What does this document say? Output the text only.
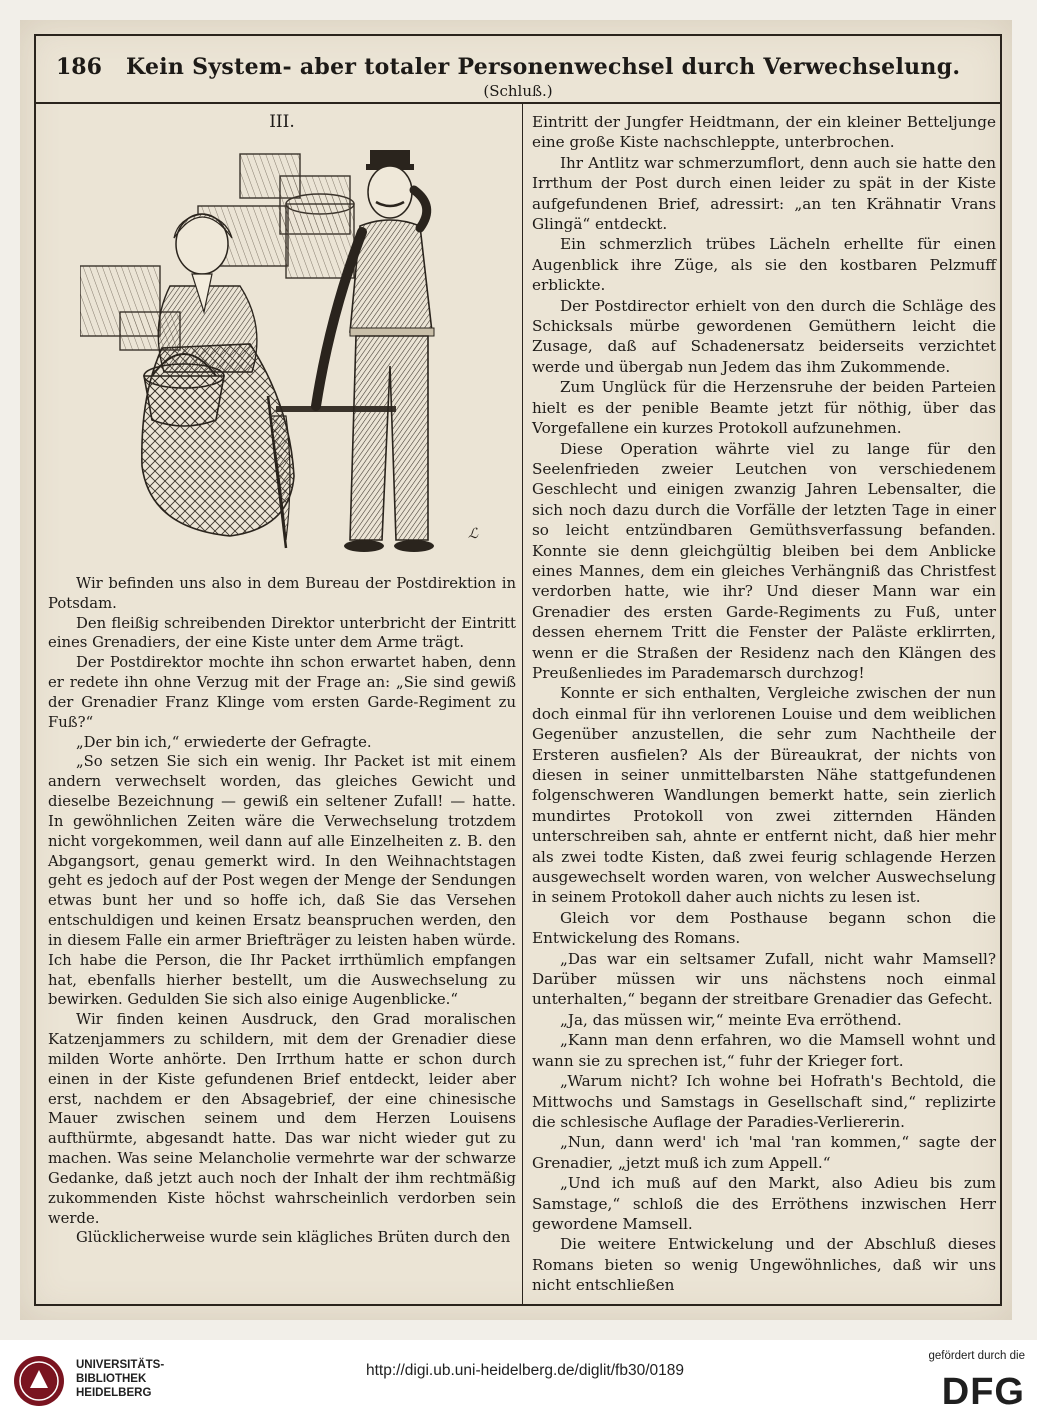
186 Kein System- aber totaler Personenwechsel durch Verwechselung.
(Schluß.)
III.

Wir befinden uns also in dem Bureau der Postdirektion in Potsdam.

Den fleißig schreibenden Direktor unterbricht der Eintritt eines Grenadiers, der eine Kiste unter dem Arme trägt.

Der Postdirektor mochte ihn schon erwartet haben, denn er redete ihn ohne Verzug mit der Frage an: „Sie sind gewiß der Grenadier Franz Klinge vom ersten Garde-Regiment zu Fuß?“

„Der bin ich,“ erwiederte der Gefragte.

„So setzen Sie sich ein wenig. Ihr Packet ist mit einem andern verwechselt worden, das gleiches Gewicht und dieselbe Bezeichnung — gewiß ein seltener Zufall! — hatte. In gewöhnlichen Zeiten wäre die Verwechselung trotzdem nicht vorgekommen, weil dann auf alle Einzelheiten z. B. den Abgangsort, genau gemerkt wird. In den Weihnachtstagen geht es jedoch auf der Post wegen der Menge der Sendungen etwas bunt her und so hoffe ich, daß Sie das Versehen entschuldigen und keinen Ersatz beanspruchen werden, den in diesem Falle ein armer Briefträger zu leisten haben würde. Ich habe die Person, die Ihr Packet irrthümlich empfangen hat, ebenfalls hierher bestellt, um die Auswechselung zu bewirken. Gedulden Sie sich also einige Augenblicke.“

Wir finden keinen Ausdruck, den Grad moralischen Katzenjammers zu schildern, mit dem der Grenadier diese milden Worte anhörte. Den Irrthum hatte er schon durch einen in der Kiste gefundenen Brief entdeckt, leider aber erst, nachdem er den Absagebrief, der eine chinesische Mauer zwischen seinem und dem Herzen Louisens aufthürmte, abgesandt hatte. Das war nicht wieder gut zu machen. Was seine Melancholie vermehrte war der schwarze Gedanke, daß jetzt auch noch der Inhalt der ihm rechtmäßig zukommenden Kiste höchst wahrscheinlich verdorben sein werde.

Glücklicherweise wurde sein klägliches Brüten durch den

ℒ

Eintritt der Jungfer Heidtmann, der ein kleiner Betteljunge eine große Kiste nachschleppte, unterbrochen.

Ihr Antlitz war schmerzumflort, denn auch sie hatte den Irrthum der Post durch einen leider zu spät in der Kiste aufgefundenen Brief, adressirt: „an ten Krähnatir Vrans Glingä“ entdeckt.

Ein schmerzlich trübes Lächeln erhellte für einen Augenblick ihre Züge, als sie den kostbaren Pelzmuff erblickte.

Der Postdirector erhielt von den durch die Schläge des Schicksals mürbe gewordenen Gemüthern leicht die Zusage, daß auf Schadenersatz beiderseits verzichtet werde und übergab nun Jedem das ihm Zukommende.

Zum Unglück für die Herzensruhe der beiden Parteien hielt es der penible Beamte jetzt für nöthig, über das Vorgefallene ein kurzes Protokoll aufzunehmen.

Diese Operation währte viel zu lange für den Seelenfrieden zweier Leutchen von verschiedenem Geschlecht und einigen zwanzig Jahren Lebensalter, die sich noch dazu durch die Vorfälle der letzten Tage in einer so leicht entzündbaren Gemüthsverfassung befanden. Konnte sie denn gleichgültig bleiben bei dem Anblicke eines Mannes, dem ein gleiches Verhängniß das Christfest verdorben hatte, wie ihr? Und dieser Mann war ein Grenadier des ersten Garde-Regiments zu Fuß, unter dessen ehernem Tritt die Fenster der Paläste erklirrten, wenn er die Straßen der Residenz nach den Klängen des Preußenliedes im Parademarsch durchzog!

Konnte er sich enthalten, Vergleiche zwischen der nun doch einmal für ihn verlorenen Louise und dem weiblichen Gegenüber anzustellen, die sehr zum Nachtheile der Ersteren ausfielen? Als der Büreaukrat, der nichts von diesen in seiner unmittelbarsten Nähe stattgefundenen folgenschweren Wandlungen bemerkt hatte, sein zierlich mundirtes Protokoll von zwei zitternden Händen unterschreiben sah, ahnte er entfernt nicht, daß hier mehr als zwei todte Kisten, daß zwei feurig schlagende Herzen ausgewechselt worden waren, von welcher Auswechselung in seinem Protokoll daher auch nichts zu lesen ist.

Gleich vor dem Posthause begann schon die Entwickelung des Romans.

„Das war ein seltsamer Zufall, nicht wahr Mamsell? Darüber müssen wir uns nächstens noch einmal unterhalten,“ begann der streitbare Grenadier das Gefecht.

„Ja, das müssen wir,“ meinte Eva erröthend.

„Kann man denn erfahren, wo die Mamsell wohnt und wann sie zu sprechen ist,“ fuhr der Krieger fort.

„Warum nicht? Ich wohne bei Hofrath's Bechtold, die Mittwochs und Samstags in Gesellschaft sind,“ replizirte die schlesische Auflage der Paradies-Verliererin.

„Nun, dann werd' ich 'mal 'ran kommen,“ sagte der Grenadier, „jetzt muß ich zum Appell.“

„Und ich muß auf den Markt, also Adieu bis zum Samstage,“ schloß die des Erröthens inzwischen Herr gewordene Mamsell.

Die weitere Entwickelung und der Abschluß dieses Romans bieten so wenig Ungewöhnliches, daß wir uns nicht entschließen

UNIVERSITÄTS-
BIBLIOTHEK
HEIDELBERG
http://digi.ub.uni-heidelberg.de/diglit/fb30/0189
gefördert durch die
DFG
